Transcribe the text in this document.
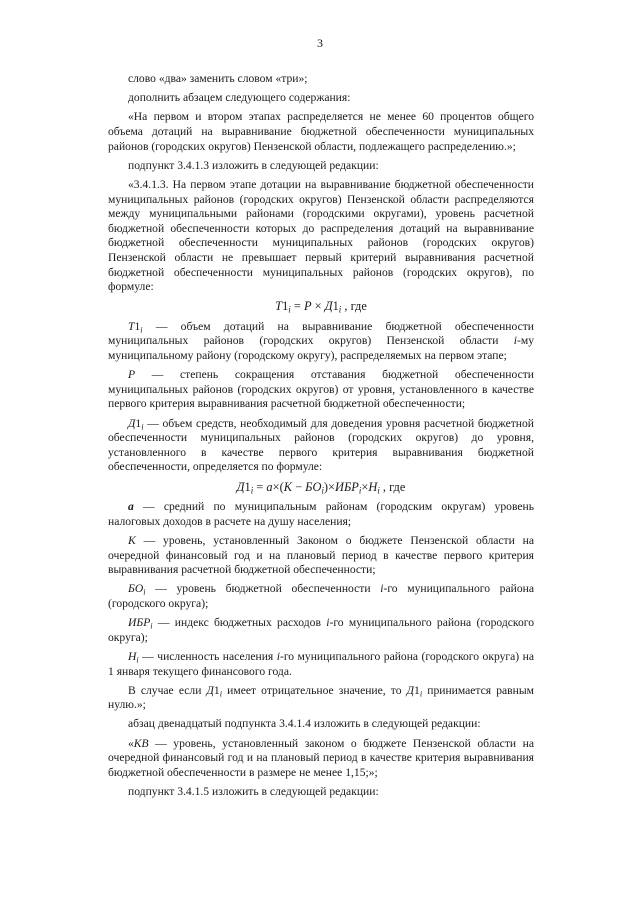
3

слово «два» заменить словом «три»;

дополнить абзацем следующего содержания:

«На первом и втором этапах распределяется не менее 60 процентов общего объема дотаций на выравнивание бюджетной обеспеченности муниципальных районов (городских округов) Пензенской области, подлежащего распределению.»;

подпункт 3.4.1.3 изложить в следующей редакции:

«3.4.1.3. На первом этапе дотации на выравнивание бюджетной обеспеченности муниципальных районов (городских округов) Пензенской области распределяются между муниципальными районами (городскими округами), уровень расчетной бюджетной обеспеченности которых до распределения дотаций на выравнивание бюджетной обеспеченности муниципальных районов (городских округов) Пензенской области не превышает первый критерий выравнивания расчетной бюджетной обеспеченности муниципальных районов (городских округов), по формуле:

$T1_i = P \times Д1_i$ , где

$T1_i$ — объем дотаций на выравнивание бюджетной обеспеченности муниципальных районов (городских округов) Пензенской области i-му муниципальному району (городскому округу), распределяемых на первом этапе;

P — степень сокращения отставания бюджетной обеспеченности муниципальных районов (городских округов) от уровня, установленного в качестве первого критерия выравнивания расчетной бюджетной обеспеченности;

$Д1_i$ — объем средств, необходимый для доведения уровня расчетной бюджетной обеспеченности муниципальных районов (городских округов) до уровня, установленного в качестве первого критерия выравнивания бюджетной обеспеченности, определяется по формуле:

$Д1_i = a\times(K - БО_i)\times ИБР_i\times H_i$ , где

a — средний по муниципальным районам (городским округам) уровень налоговых доходов в расчете на душу населения;

K — уровень, установленный Законом о бюджете Пензенской области на очередной финансовый год и на плановый период в качестве первого критерия выравнивания расчетной бюджетной обеспеченности;

$БО_i$ — уровень бюджетной обеспеченности i-го муниципального района (городского округа);

$ИБР_i$ — индекс бюджетных расходов i-го муниципального района (городского округа);

$H_i$ — численность населения i-го муниципального района (городского округа) на 1 января текущего финансового года.

В случае если $Д1_i$ имеет отрицательное значение, то $Д1_i$ принимается равным нулю.»;

абзац двенадцатый подпункта 3.4.1.4 изложить в следующей редакции:

«КВ — уровень, установленный законом о бюджете Пензенской области на очередной финансовый год и на плановый период в качестве критерия выравнивания бюджетной обеспеченности в размере не менее 1,15;»;

подпункт 3.4.1.5 изложить в следующей редакции:
